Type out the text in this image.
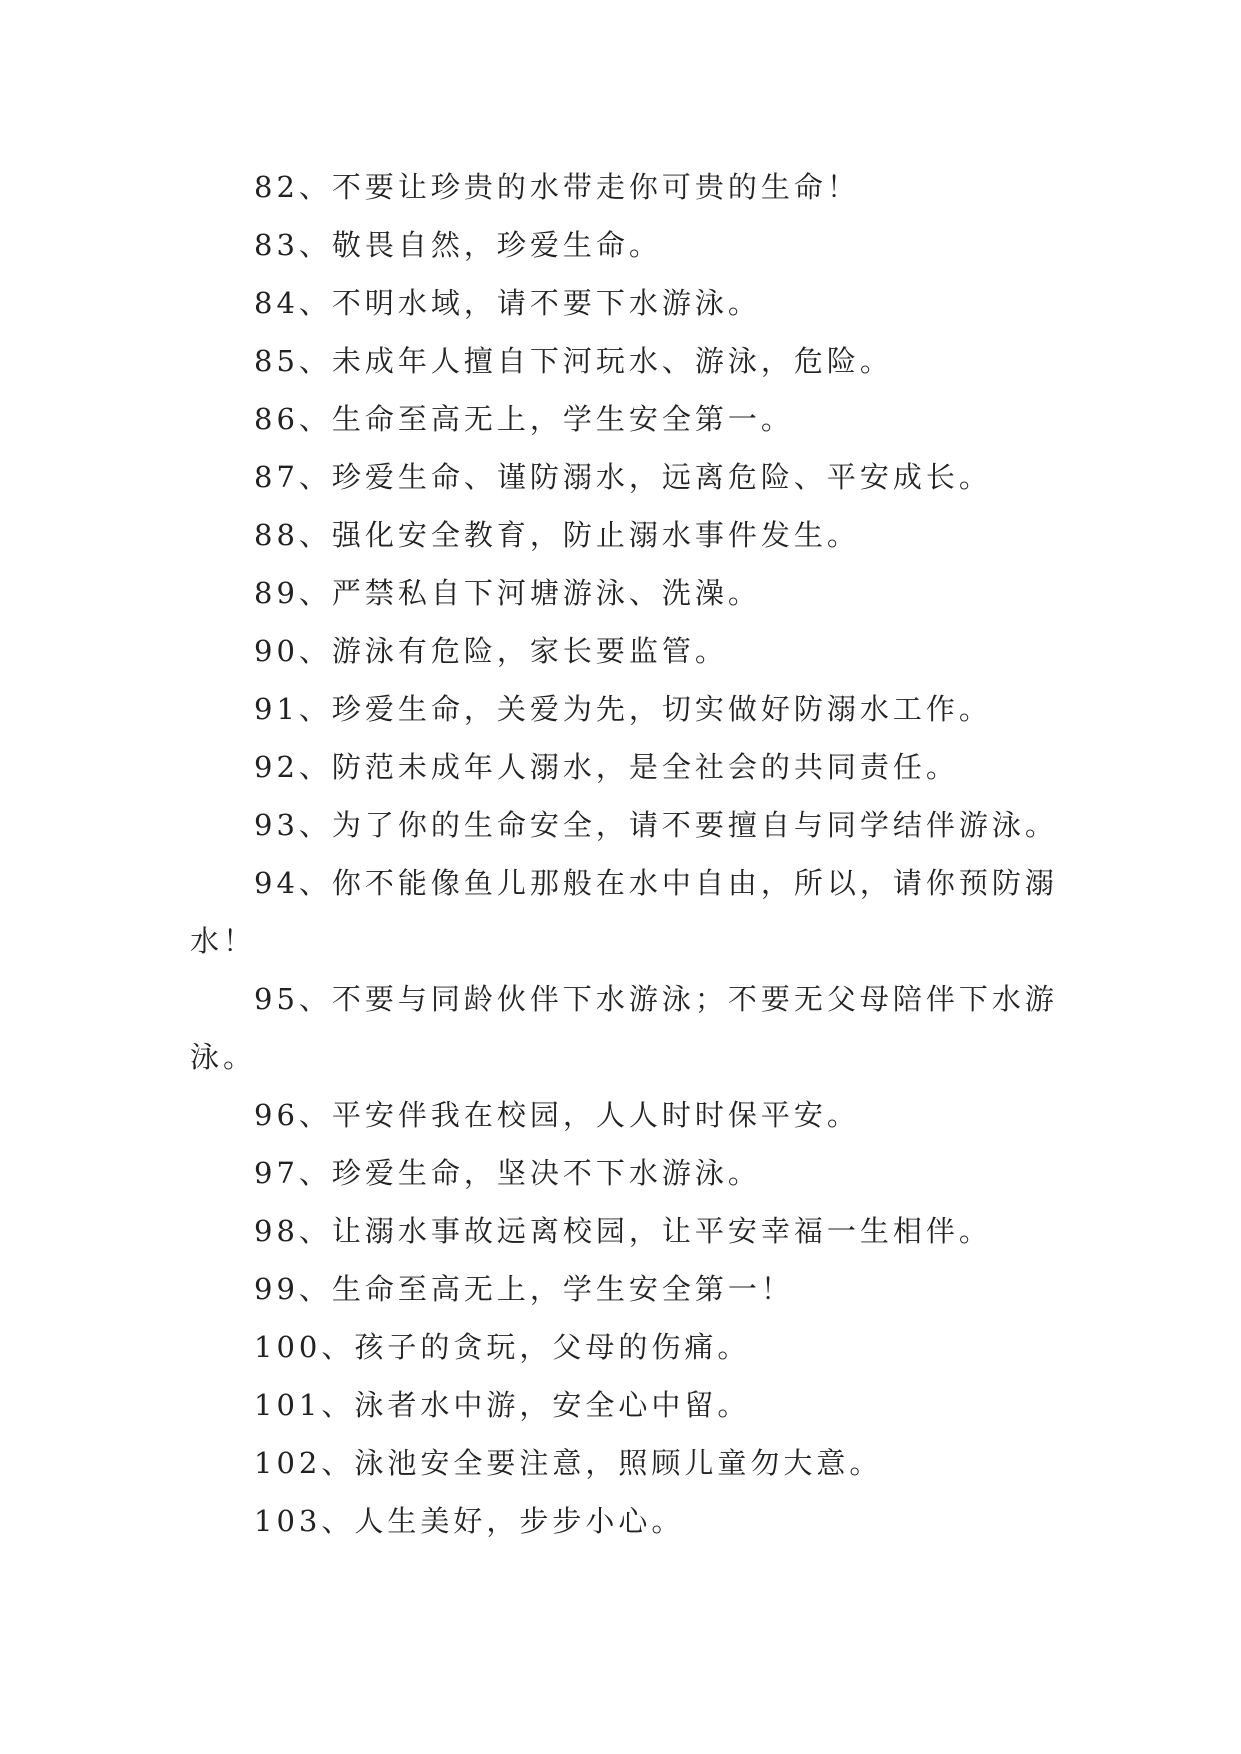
82、不要让珍贵的水带走你可贵的生命！

83、敬畏自然，珍爱生命。

84、不明水域，请不要下水游泳。

85、未成年人擅自下河玩水、游泳，危险。

86、生命至高无上，学生安全第一。

87、珍爱生命、谨防溺水，远离危险、平安成长。

88、强化安全教育，防止溺水事件发生。

89、严禁私自下河塘游泳、洗澡。

90、游泳有危险，家长要监管。

91、珍爱生命，关爱为先，切实做好防溺水工作。

92、防范未成年人溺水，是全社会的共同责任。

93、为了你的生命安全，请不要擅自与同学结伴游泳。

94、你不能像鱼儿那般在水中自由，所以，请你预防溺水！

95、不要与同龄伙伴下水游泳；不要无父母陪伴下水游泳。

96、平安伴我在校园，人人时时保平安。

97、珍爱生命，坚决不下水游泳。

98、让溺水事故远离校园，让平安幸福一生相伴。

99、生命至高无上，学生安全第一！

100、孩子的贪玩，父母的伤痛。

101、泳者水中游，安全心中留。

102、泳池安全要注意，照顾儿童勿大意。

103、人生美好，步步小心。
